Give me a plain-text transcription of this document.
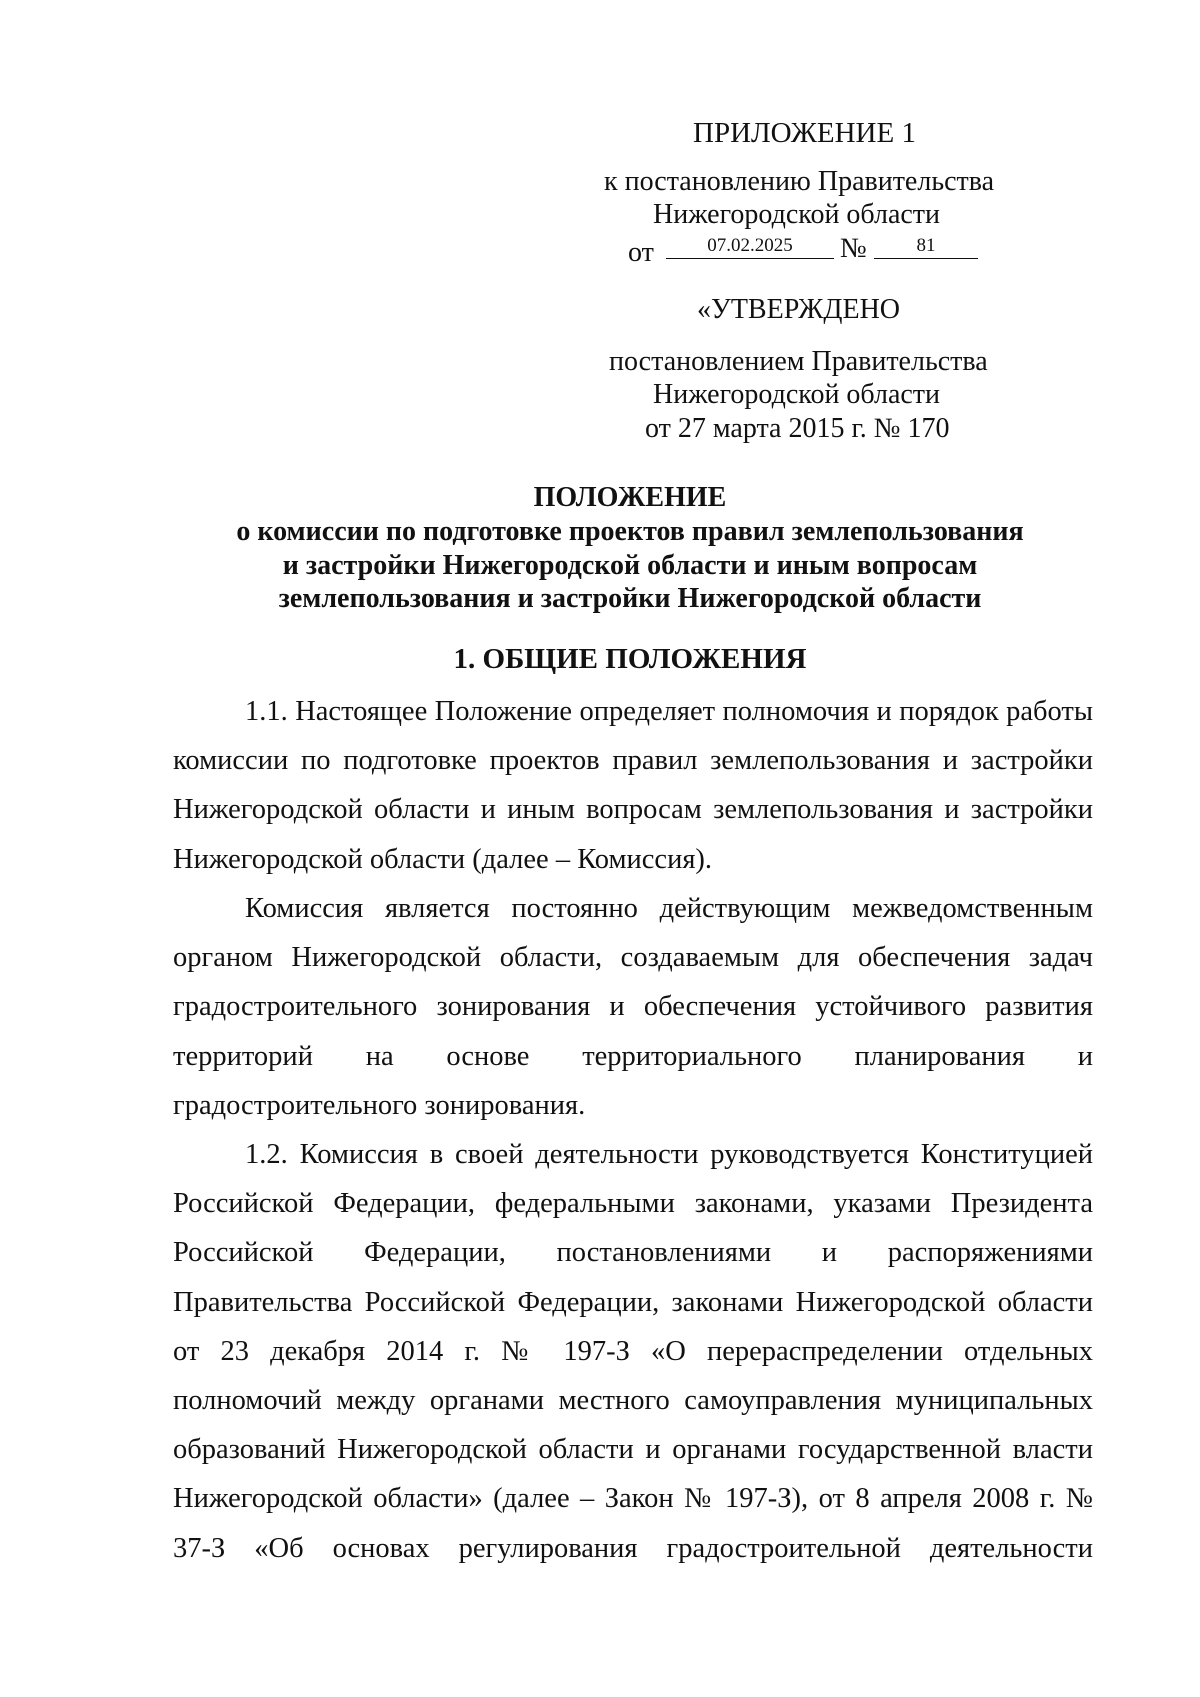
ПРИЛОЖЕНИЕ 1
к постановлению Правительства
Нижегородской области
от	07.02.2025	№	81
«УТВЕРЖДЕНО
постановлением Правительства
Нижегородской области
от 27 марта 2015 г. № 170
ПОЛОЖЕНИЕ
о комиссии по подготовке проектов правил землепользования
и застройки Нижегородской области и иным вопросам
землепользования и застройки Нижегородской области
1. ОБЩИЕ ПОЛОЖЕНИЯ

1.1. Настоящее Положение определяет полномочия и порядок работы комиссии по подготовке проектов правил землепользования и застройки Нижегородской области и иным вопросам землепользования и застройки Нижегородской области (далее – Комиссия).

Комиссия является постоянно действующим межведомственным органом Нижегородской области, создаваемым для обеспечения задач градостроительного зонирования и обеспечения устойчивого развития территорий на основе территориального планирования и градостроительного зонирования.

1.2. Комиссия в своей деятельности руководствуется Конституцией Российской Федерации, федеральными законами, указами Президента Российской Федерации, постановлениями и распоряжениями Правительства Российской Федерации, законами Нижегородской области от 23 декабря 2014 г. № 197-З «О перераспределении отдельных полномочий между органами местного самоуправления муниципальных образований Нижегородской области и органами государственной власти Нижегородской области» (далее – Закон № 197-З), от 8 апреля 2008 г. № 37-З «Об основах регулирования градостроительной деятельности
